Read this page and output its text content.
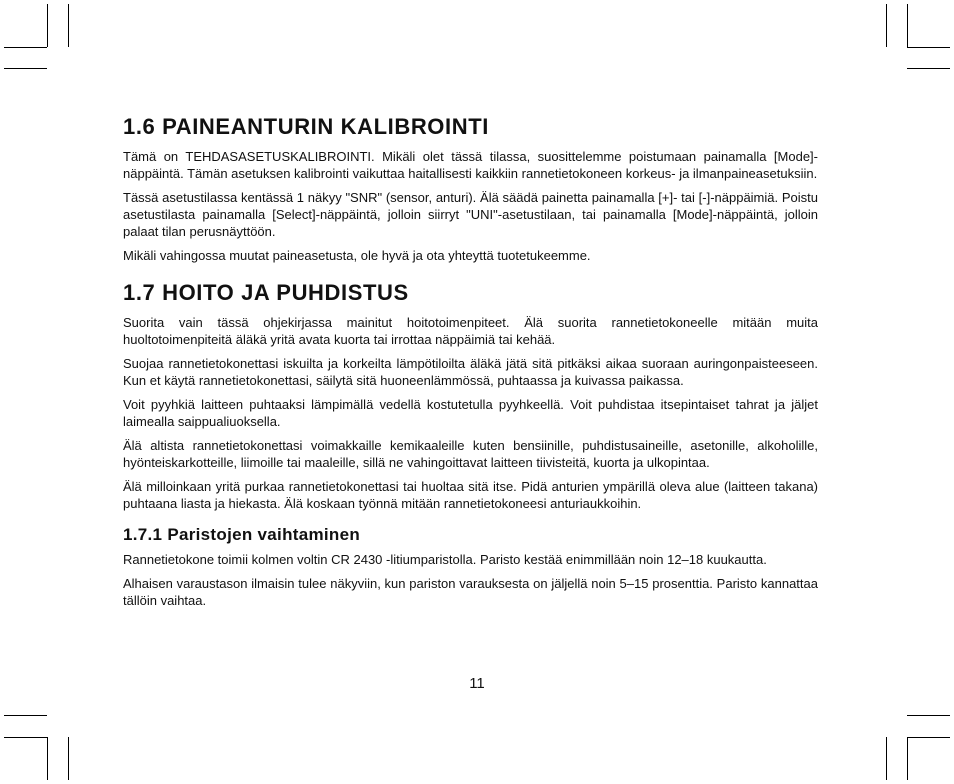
1.6 PAINEANTURIN KALIBROINTI

Tämä on TEHDASASETUSKALIBROINTI. Mikäli olet tässä tilassa, suosittelemme poistumaan painamalla [Mode]-näppäintä. Tämän asetuksen kalibrointi vaikuttaa haitallisesti kaikkiin rannetietokoneen korkeus- ja ilmanpaineasetuksiin.

Tässä asetustilassa kentässä 1 näkyy "SNR" (sensor, anturi). Älä säädä painetta painamalla [+]- tai [-]-näppäimiä. Poistu asetustilasta painamalla [Select]-näppäintä, jolloin siirryt "UNI"-asetustilaan, tai painamalla [Mode]-näppäintä, jolloin palaat tilan perusnäyttöön.

Mikäli vahingossa muutat paineasetusta, ole hyvä ja ota yhteyttä tuotetukeemme.

1.7 HOITO JA PUHDISTUS

Suorita vain tässä ohjekirjassa mainitut hoitotoimenpiteet. Älä suorita rannetietokoneelle mitään muita huoltotoimenpiteitä äläkä yritä avata kuorta tai irrottaa näppäimiä tai kehää.

Suojaa rannetietokonettasi iskuilta ja korkeilta lämpötiloilta äläkä jätä sitä pitkäksi aikaa suoraan auringonpaisteeseen. Kun et käytä rannetietokonettasi, säilytä sitä huoneenlämmössä, puhtaassa ja kuivassa paikassa.

Voit pyyhkiä laitteen puhtaaksi lämpimällä vedellä kostutetulla pyyhkeellä. Voit puhdistaa itsepintaiset tahrat ja jäljet laimealla saippualiuoksella.

Älä altista rannetietokonettasi voimakkaille kemikaaleille kuten bensiinille, puhdistusaineille, asetonille, alkoholille, hyönteiskarkotteille, liimoille tai maaleille, sillä ne vahingoittavat laitteen tiivisteitä, kuorta ja ulkopintaa.

Älä milloinkaan yritä purkaa rannetietokonettasi tai huoltaa sitä itse. Pidä anturien ympärillä oleva alue (laitteen takana) puhtaana liasta ja hiekasta. Älä koskaan työnnä mitään rannetietokoneesi anturiaukkoihin.

1.7.1 Paristojen vaihtaminen

Rannetietokone toimii kolmen voltin CR 2430 -litiumparistolla. Paristo kestää enimmillään noin 12–18 kuukautta.

Alhaisen varaustason ilmaisin tulee näkyviin, kun pariston varauksesta on jäljellä noin 5–15 prosenttia. Paristo kannattaa tällöin vaihtaa.

11
